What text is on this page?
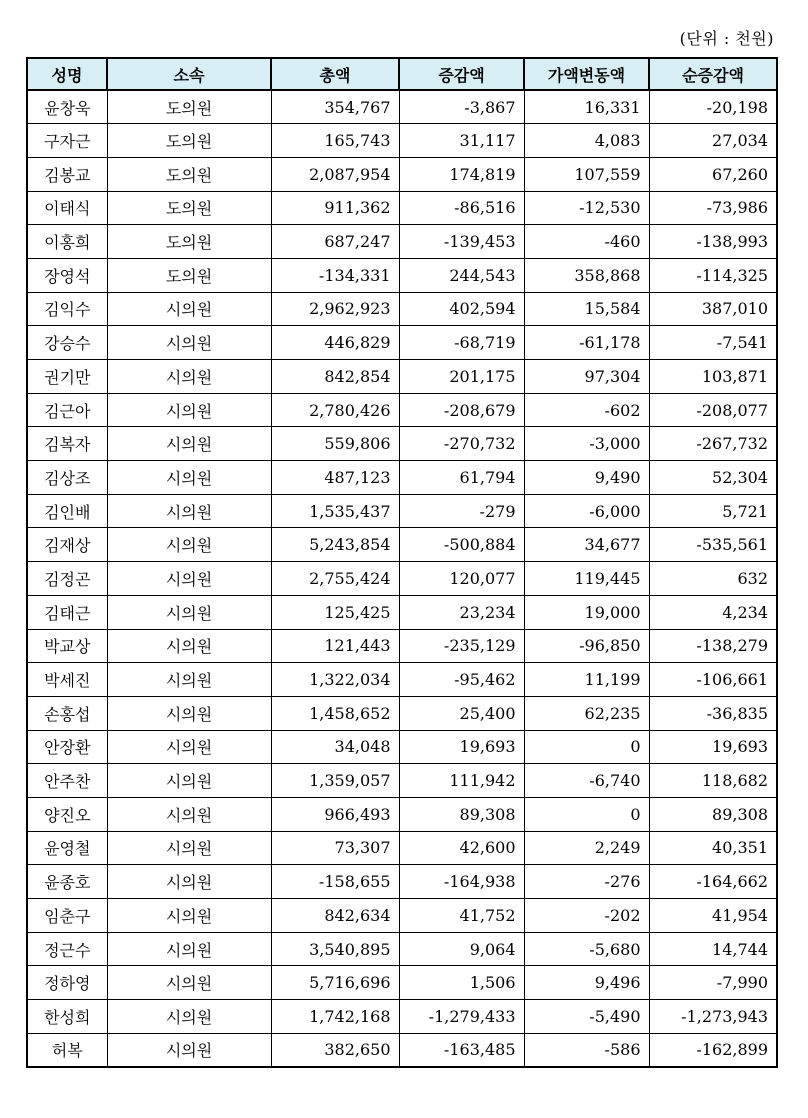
(단위 : 천원)
성명	소속	총액	증감액	가액변동액	순증감액
윤창욱	도의원	354,767	-3,867	16,331	-20,198
구자근	도의원	165,743	31,117	4,083	27,034
김봉교	도의원	2,087,954	174,819	107,559	67,260
이태식	도의원	911,362	-86,516	-12,530	-73,986
이홍희	도의원	687,247	-139,453	-460	-138,993
장영석	도의원	-134,331	244,543	358,868	-114,325
김익수	시의원	2,962,923	402,594	15,584	387,010
강승수	시의원	446,829	-68,719	-61,178	-7,541
권기만	시의원	842,854	201,175	97,304	103,871
김근아	시의원	2,780,426	-208,679	-602	-208,077
김복자	시의원	559,806	-270,732	-3,000	-267,732
김상조	시의원	487,123	61,794	9,490	52,304
김인배	시의원	1,535,437	-279	-6,000	5,721
김재상	시의원	5,243,854	-500,884	34,677	-535,561
김정곤	시의원	2,755,424	120,077	119,445	632
김태근	시의원	125,425	23,234	19,000	4,234
박교상	시의원	121,443	-235,129	-96,850	-138,279
박세진	시의원	1,322,034	-95,462	11,199	-106,661
손홍섭	시의원	1,458,652	25,400	62,235	-36,835
안장환	시의원	34,048	19,693	0	19,693
안주찬	시의원	1,359,057	111,942	-6,740	118,682
양진오	시의원	966,493	89,308	0	89,308
윤영철	시의원	73,307	42,600	2,249	40,351
윤종호	시의원	-158,655	-164,938	-276	-164,662
임춘구	시의원	842,634	41,752	-202	41,954
정근수	시의원	3,540,895	9,064	-5,680	14,744
정하영	시의원	5,716,696	1,506	9,496	-7,990
한성희	시의원	1,742,168	-1,279,433	-5,490	-1,273,943
허복	시의원	382,650	-163,485	-586	-162,899
